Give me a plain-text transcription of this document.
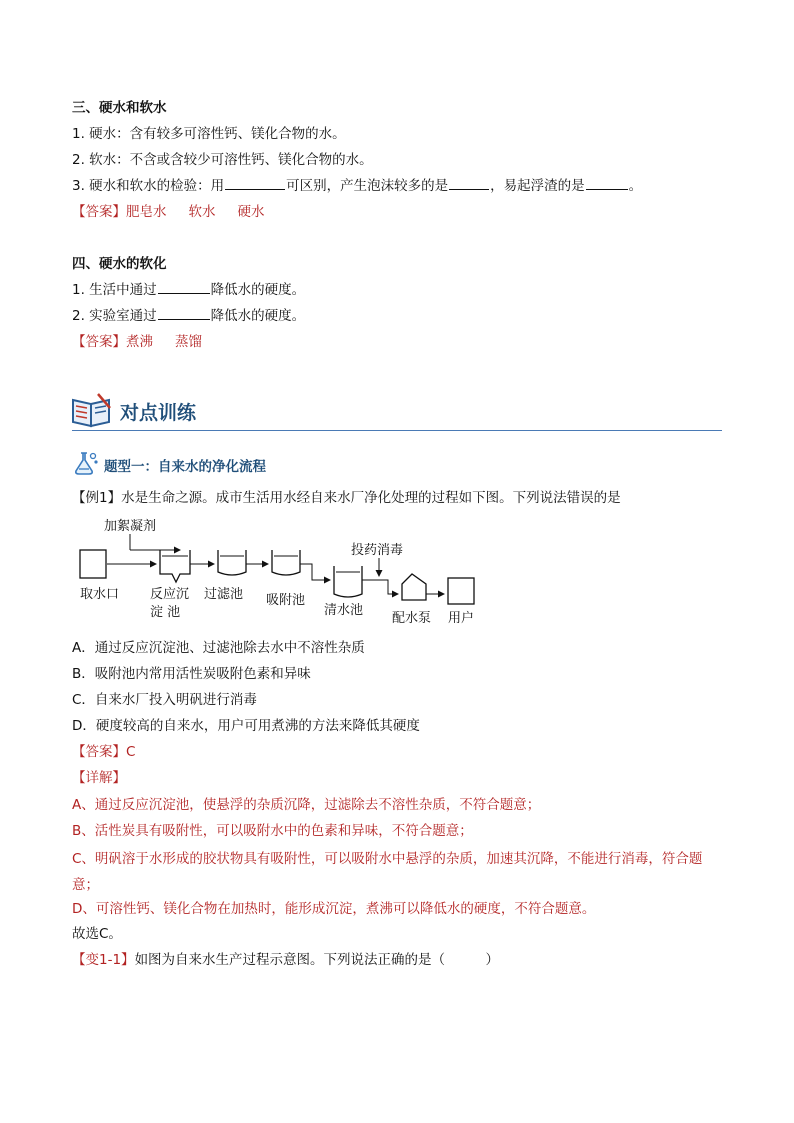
三、硬水和软水
1. 硬水：含有较多可溶性钙、镁化合物的水。
2. 软水：不含或含较少可溶性钙、镁化合物的水。
3. 硬水和软水的检验：用	可区别，产生泡沫较多的是	，易起浮渣的是	。
【答案】肥皂水 软水 硬水
四、硬水的软化
1. 生活中通过	降低水的硬度。
2. 实验室通过	降低水的硬度。
【答案】煮沸 蒸馏
对点训练
题型一：自来水的净化流程
【例1】水是生命之源。成市生活用水经自来水厂净化处理的过程如下图。下列说法错误的是
加絮凝剂
投药消毒
取水口 反应沉
淀 池
过滤池 吸附池
清水池
配水泵 用户
A．通过反应沉淀池、过滤池除去水中不溶性杂质
B．吸附池内常用活性炭吸附色素和异味
C．自来水厂投入明矾进行消毒
D．硬度较高的自来水，用户可用煮沸的方法来降低其硬度
【答案】C
【详解】
A、通过反应沉淀池，使悬浮的杂质沉降，过滤除去不溶性杂质，不符合题意；
B、活性炭具有吸附性，可以吸附水中的色素和异味，不符合题意；
C、明矾溶于水形成的胶状物具有吸附性，可以吸附水中悬浮的杂质，加速其沉降，不能进行消毒，符合题意；
D、可溶性钙、镁化合物在加热时，能形成沉淀，煮沸可以降低水的硬度，不符合题意。
故选C。
【变1-1】如图为自来水生产过程示意图。下列说法正确的是（　　　）
